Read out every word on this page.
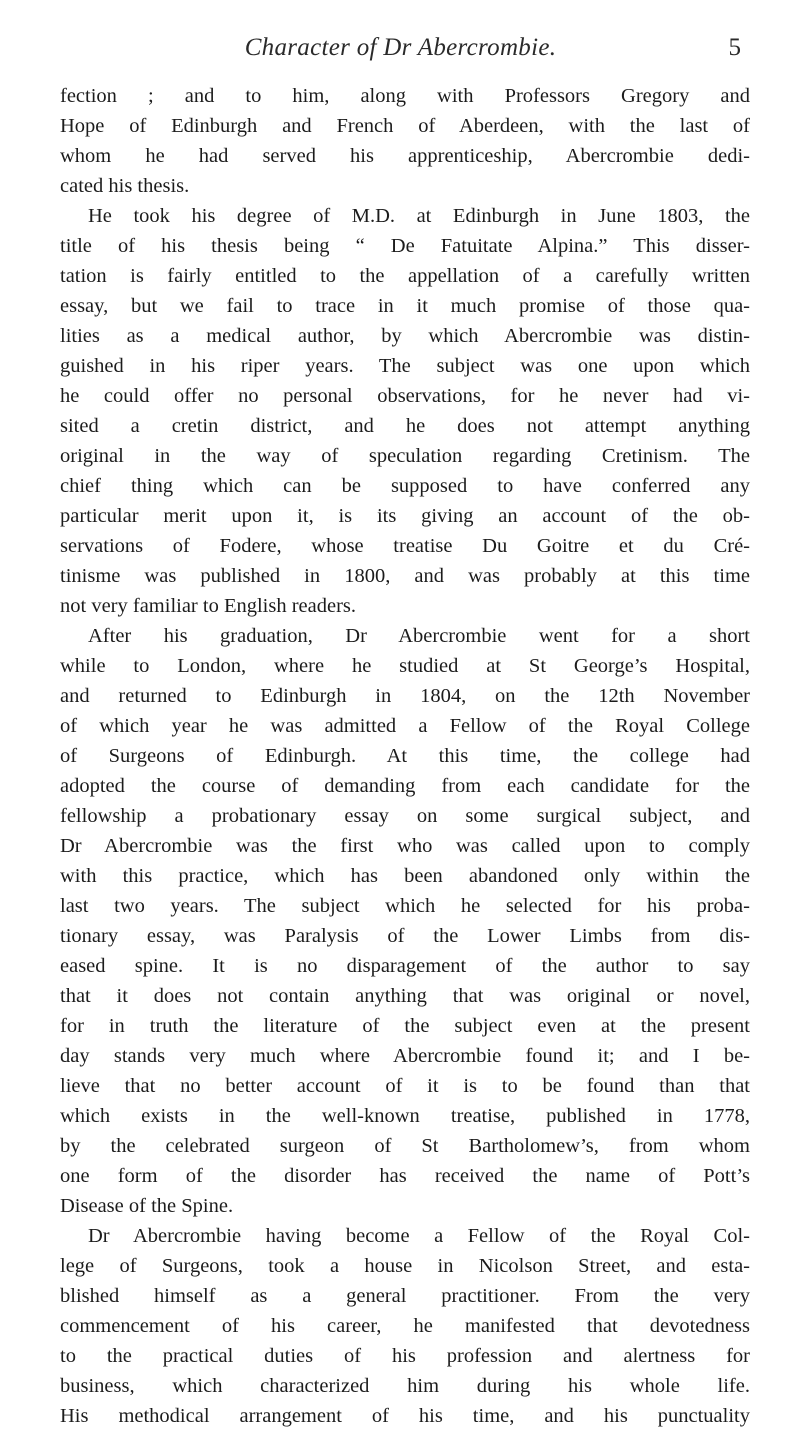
Character of Dr Abercrombie.	5
fection ; and to him, along with Professors Gregory and
Hope of Edinburgh and French of Aberdeen, with the last of
whom he had served his apprenticeship, Abercrombie dedi-
cated his thesis.
He took his degree of M.D. at Edinburgh in June 1803, the
title of his thesis being “ De Fatuitate Alpina.” This disser-
tation is fairly entitled to the appellation of a carefully written
essay, but we fail to trace in it much promise of those qua-
lities as a medical author, by which Abercrombie was distin-
guished in his riper years. The subject was one upon which
he could offer no personal observations, for he never had vi-
sited a cretin district, and he does not attempt anything
original in the way of speculation regarding Cretinism. The
chief thing which can be supposed to have conferred any
particular merit upon it, is its giving an account of the ob-
servations of Fodere, whose treatise Du Goitre et du Cré-
tinisme was published in 1800, and was probably at this time
not very familiar to English readers.
After his graduation, Dr Abercrombie went for a short
while to London, where he studied at St George’s Hospital,
and returned to Edinburgh in 1804, on the 12th November
of which year he was admitted a Fellow of the Royal College
of Surgeons of Edinburgh. At this time, the college had
adopted the course of demanding from each candidate for the
fellowship a probationary essay on some surgical subject, and
Dr Abercrombie was the first who was called upon to comply
with this practice, which has been abandoned only within the
last two years. The subject which he selected for his proba-
tionary essay, was Paralysis of the Lower Limbs from dis-
eased spine. It is no disparagement of the author to say
that it does not contain anything that was original or novel,
for in truth the literature of the subject even at the present
day stands very much where Abercrombie found it; and I be-
lieve that no better account of it is to be found than that
which exists in the well-known treatise, published in 1778,
by the celebrated surgeon of St Bartholomew’s, from whom
one form of the disorder has received the name of Pott’s
Disease of the Spine.
Dr Abercrombie having become a Fellow of the Royal Col-
lege of Surgeons, took a house in Nicolson Street, and esta-
blished himself as a general practitioner. From the very
commencement of his career, he manifested that devotedness
to the practical duties of his profession and alertness for
business, which characterized him during his whole life.
His methodical arrangement of his time, and his punctuality
